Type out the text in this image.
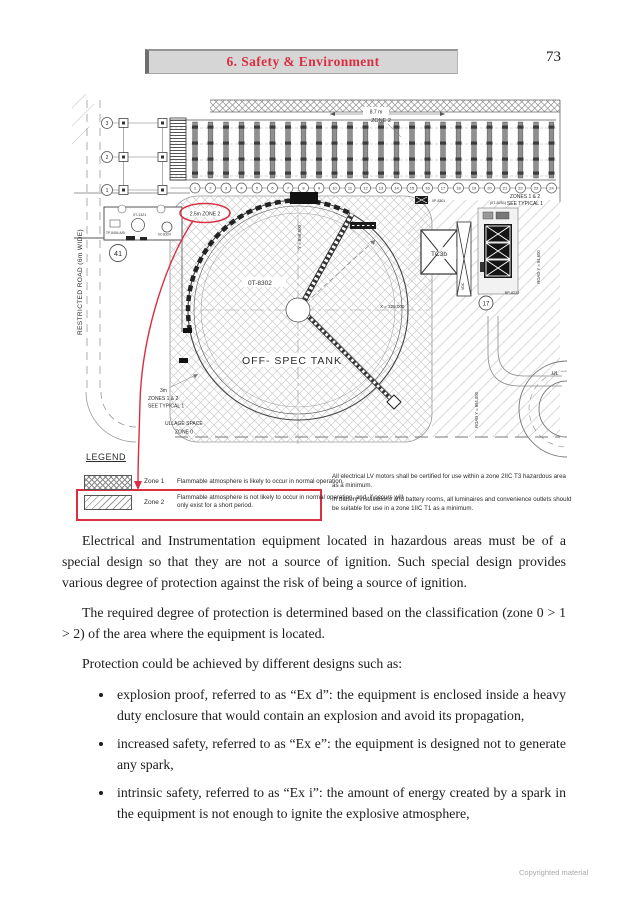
6. Safety & Environment	73
3
2
1	1	2	3	4	5	6	7	8	9	10	11	12	13	14	15	16	17	18	19	20	21	22	23	24
8.7 m
ZONE 2
0T-1321
TP-8454 A/B	0C-8324
41
0T-8302
OFF- SPEC TANK
X = 325,000
Y = 896,500
TC3b
VDC
(0T-8251)
BP-8232
17
0P-8301
RESTRICTED ROAD (6m WIDE)
ZONES 1 & 2
SEE TYPICAL 1
ROAD Y = 94,600
ROAD Y = 954,000
3m
ZONES 1 & 2
SEE TYPICAL 1
ULLAGE SPACE
ZONE 0
UL
2.5m ZONE 2
LEGEND
Zone 1 Flammable atmosphere is likely to occur in normal operation.
Zone 2
Flammable atmosphere is not likely to occur in normal operation, and, if occurs will only exist for a short period.
All electrical LV motors shall be certified for use within a zone 2IIC T3 hazardous area as a minimum.
In battery installations and battery rooms, all luminaires and convenience outlets should be suitable for use in a zone 1IIC T1 as a minimum.

Electrical and Instrumentation equipment located in hazardous areas must be of a special design so that they are not a source of ignition. Such special design provides various degree of protection against the risk of being a source of ignition.

The required degree of protection is determined based on the classification (zone 0 > 1 > 2) of the area where the equipment is located.

Protection could be achieved by different designs such as:

• explosion proof, referred to as “Ex d”: the equipment is enclosed inside a heavy duty enclosure that would contain an explosion and avoid its propagation,
• increased safety, referred to as “Ex e”: the equipment is designed not to generate any spark,
• intrinsic safety, referred to as “Ex i”: the amount of energy created by a spark in the equipment is not enough to ignite the explosive atmosphere,
Copyrighted material
